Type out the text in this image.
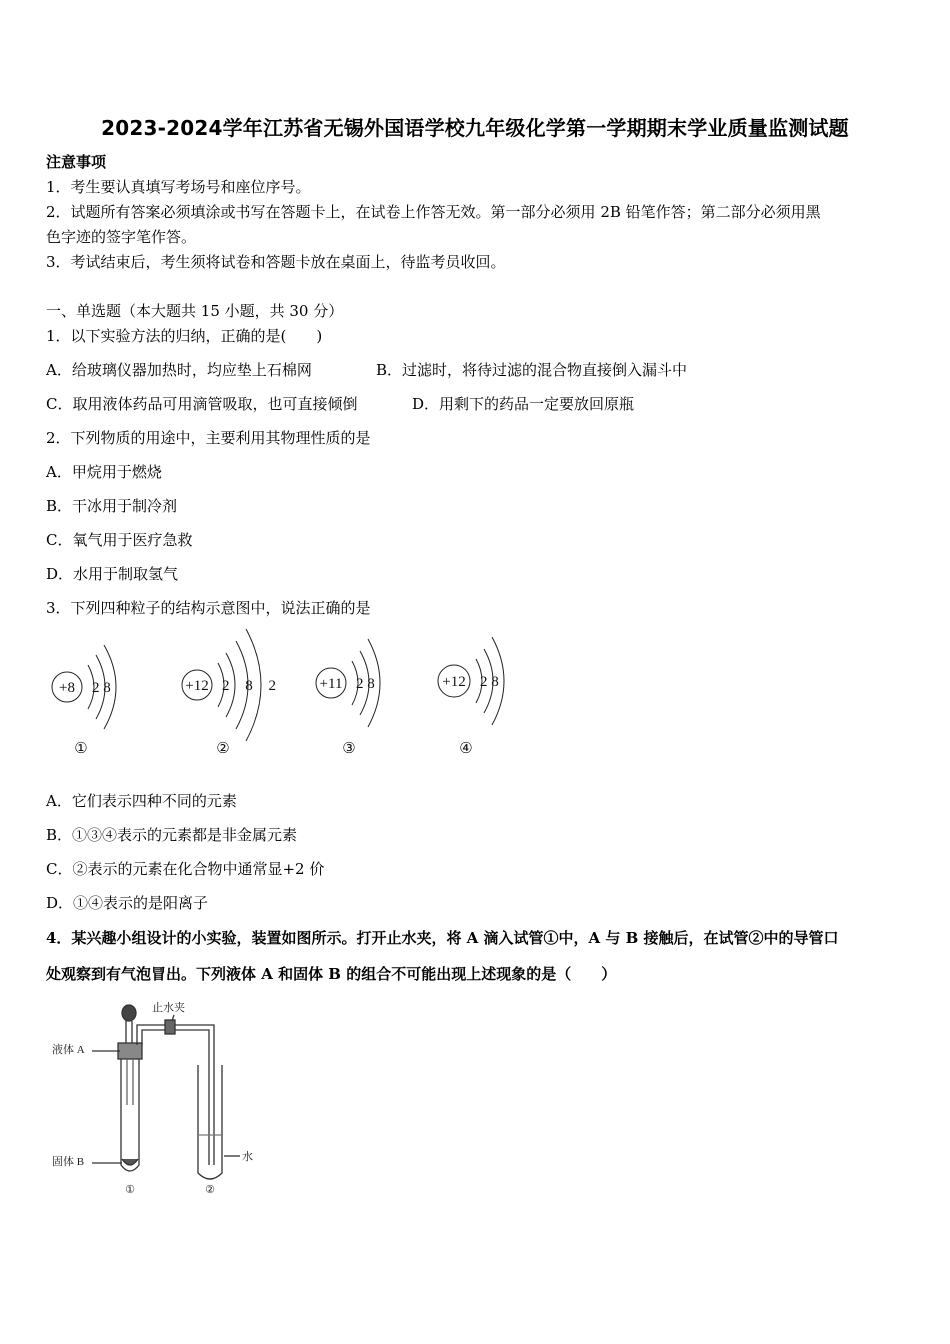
2023-2024学年江苏省无锡外国语学校九年级化学第一学期期末学业质量监测试题
注意事项
1．考生要认真填写考场号和座位序号。
2．试题所有答案必须填涂或书写在答题卡上，在试卷上作答无效。第一部分必须用 2B 铅笔作答；第二部分必须用黑
色字迹的签字笔作答。
3．考试结束后，考生须将试卷和答题卡放在桌面上，待监考员收回。
一、单选题（本大题共 15 小题，共 30 分）
1．以下实验方法的归纳，正确的是(　　)
A．给玻璃仪器加热时，均应垫上石棉网	B．过滤时，将待过滤的混合物直接倒入漏斗中
C．取用液体药品可用滴管吸取，也可直接倾倒	D．用剩下的药品一定要放回原瓶
2．下列物质的用途中，主要利用其物理性质的是
A．甲烷用于燃烧
B．干冰用于制冷剂
C．氧气用于医疗急救
D．水用于制取氢气
3．下列四种粒子的结构示意图中，说法正确的是
+8 2 8	+12 2 8 2	+11 2 8	+12 2 8
①	②	③	④
A．它们表示四种不同的元素
B．①③④表示的元素都是非金属元素
C．②表示的元素在化合物中通常显+2 价
D．①④表示的是阳离子
4．某兴趣小组设计的小实验，装置如图所示。打开止水夹，将 A 滴入试管①中，A 与 B 接触后，在试管②中的导管口
处观察到有气泡冒出。下列液体 A 和固体 B 的组合不可能出现上述现象的是（　　）
止水夹
液体 A
固体 B	水
①	②
